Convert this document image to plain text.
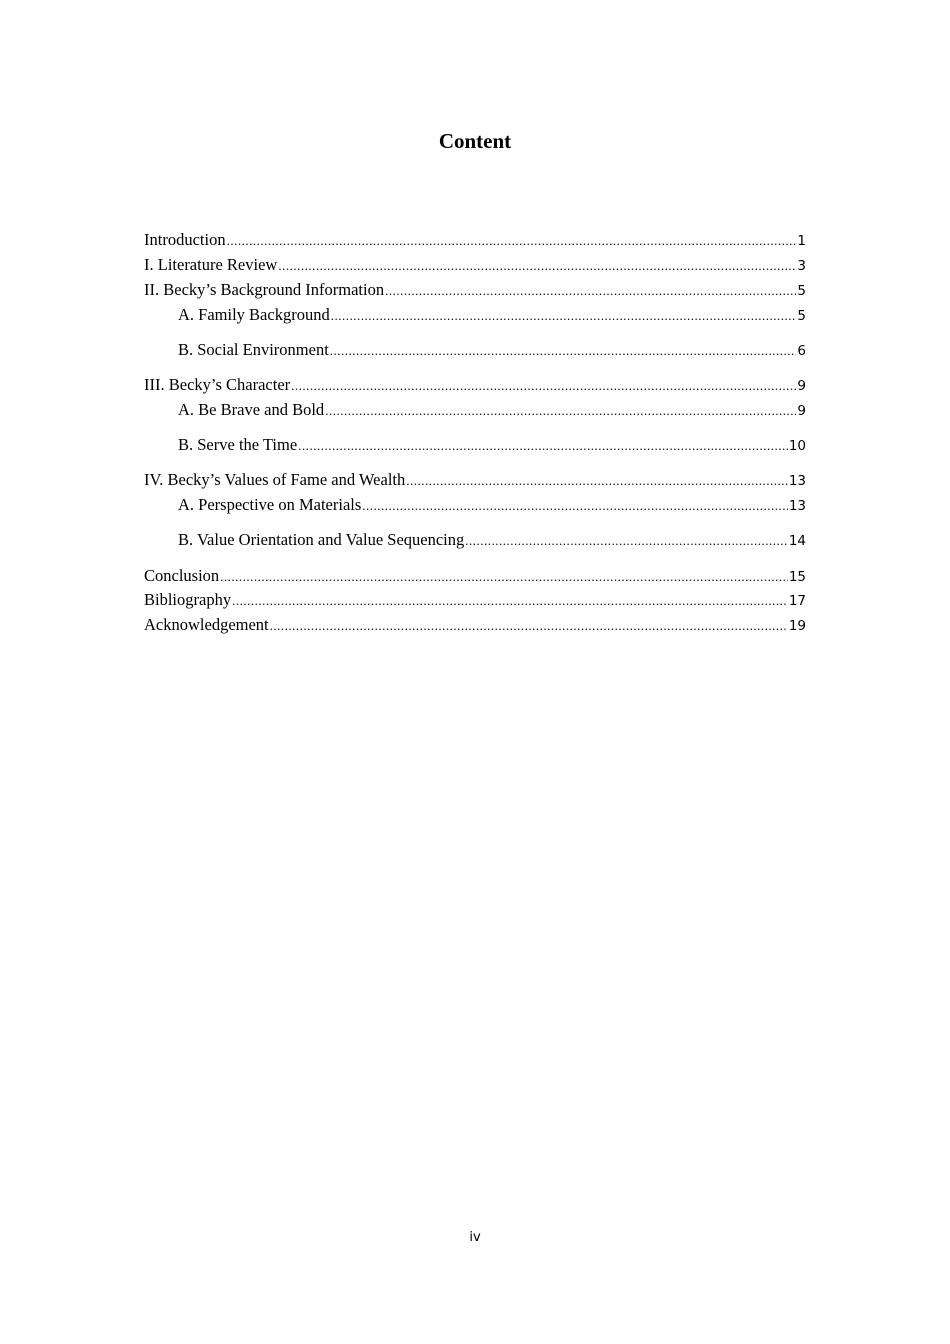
Content
Introduction .....	1
I. Literature Review .....	3
II. Becky’s Background Information .....	5
A. Family Background .....	5
B. Social Environment .....	6
III. Becky’s Character .....	9
A. Be Brave and Bold .....	9
B. Serve the Time .....	10
IV. Becky’s Values of Fame and Wealth .....	13
A. Perspective on Materials .....	13
B. Value Orientation and Value Sequencing .....	14
Conclusion .....	15
Bibliography .....	17
Acknowledgement .....	19
iv
